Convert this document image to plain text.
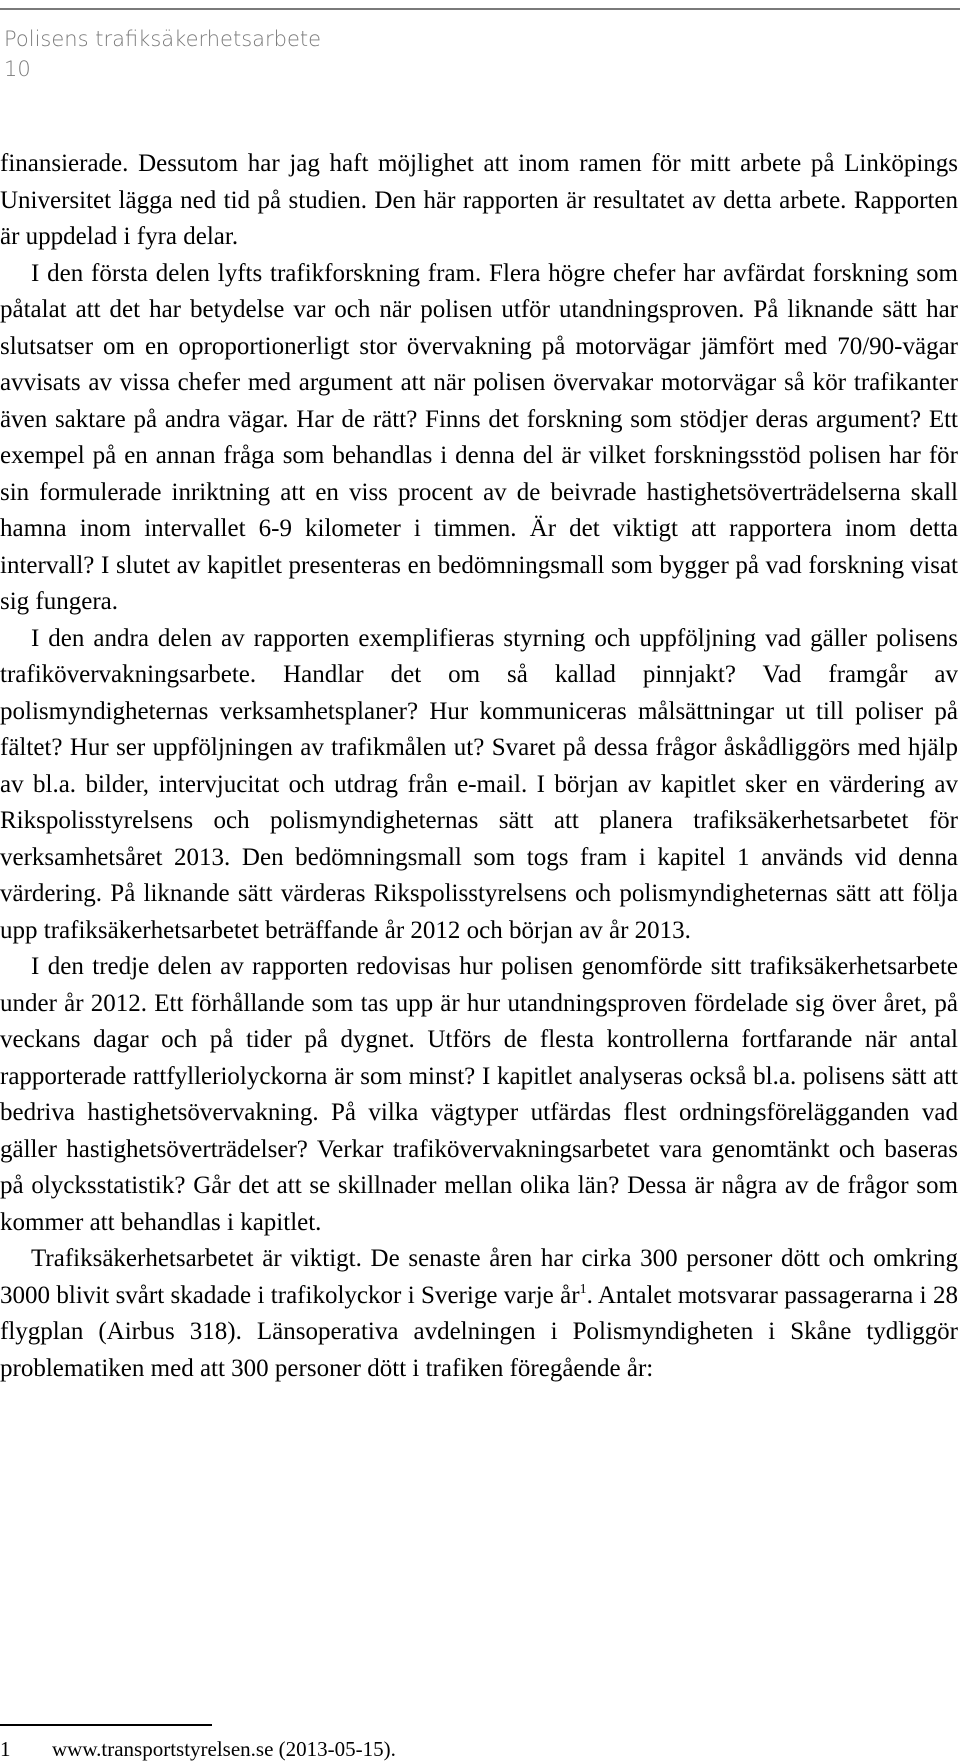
Polisens trafiksäkerhetsarbete
10

finansierade. Dessutom har jag haft möjlighet att inom ramen för mitt arbete på Linköpings Universitet lägga ned tid på studien. Den här rapporten är resultatet av detta arbete. Rapporten är uppdelad i fyra delar.

I den första delen lyfts trafikforskning fram. Flera högre chefer har avfärdat forskning som påtalat att det har betydelse var och när polisen utför utandningsproven. På liknande sätt har slutsatser om en oproportionerligt stor övervakning på motorvägar jämfört med 70/90-vägar avvisats av vissa chefer med argument att när polisen övervakar motorvägar så kör trafikanter även saktare på andra vägar. Har de rätt? Finns det forskning som stödjer deras argument? Ett exempel på en annan fråga som behandlas i denna del är vilket forskningsstöd polisen har för sin formulerade inriktning att en viss procent av de beivrade hastighetsöverträdelserna skall hamna inom intervallet 6-9 kilometer i timmen. Är det viktigt att rapportera inom detta intervall? I slutet av kapitlet presenteras en bedömningsmall som bygger på vad forskning visat sig fungera.

I den andra delen av rapporten exemplifieras styrning och uppföljning vad gäller polisens trafikövervakningsarbete. Handlar det om så kallad pinnjakt? Vad framgår av polismyndigheternas verksamhetsplaner? Hur kommuniceras målsättningar ut till poliser på fältet? Hur ser uppföljningen av trafikmålen ut? Svaret på dessa frågor åskådliggörs med hjälp av bl.a. bilder, intervjucitat och utdrag från e-mail. I början av kapitlet sker en värdering av Rikspolisstyrelsens och polismyndigheternas sätt att planera trafiksäkerhetsarbetet för verksamhetsåret 2013. Den bedömningsmall som togs fram i kapitel 1 används vid denna värdering. På liknande sätt värderas Rikspolisstyrelsens och polismyndigheternas sätt att följa upp trafiksäkerhetsarbetet beträffande år 2012 och början av år 2013.

I den tredje delen av rapporten redovisas hur polisen genomförde sitt trafiksäkerhetsarbete under år 2012. Ett förhållande som tas upp är hur utandningsproven fördelade sig över året, på veckans dagar och på tider på dygnet. Utförs de flesta kontrollerna fortfarande när antal rapporterade rattfylleriolyckorna är som minst? I kapitlet analyseras också bl.a. polisens sätt att bedriva hastighetsövervakning. På vilka vägtyper utfärdas flest ordningsförelägganden vad gäller hastighetsöverträdelser? Verkar trafikövervakningsarbetet vara genomtänkt och baseras på olycksstatistik? Går det att se skillnader mellan olika län? Dessa är några av de frågor som kommer att behandlas i kapitlet.

Trafiksäkerhetsarbetet är viktigt. De senaste åren har cirka 300 personer dött och omkring 3000 blivit svårt skadade i trafikolyckor i Sverige varje år$^1$. Antalet motsvarar passagerarna i 28 flygplan (Airbus 318). Länsoperativa avdelningen i Polismyndigheten i Skåne tydliggör problematiken med att 300 personer dött i trafiken föregående år:

1 www.transportstyrelsen.se (2013-05-15).
